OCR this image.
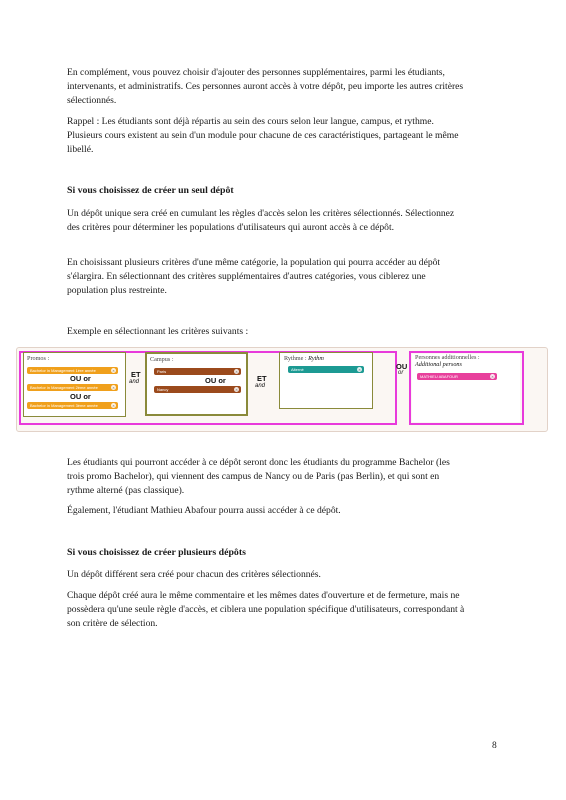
En complément, vous pouvez choisir d'ajouter des personnes supplémentaires, parmi les étudiants, intervenants, et administratifs. Ces personnes auront accès à votre dépôt, peu importe les autres critères sélectionnés.
Rappel : Les étudiants sont déjà répartis au sein des cours selon leur langue, campus, et rythme. Plusieurs cours existent au sein d'un module pour chacune de ces caractéristiques, partageant le même libellé.
Si vous choisissez de créer un seul dépôt
Un dépôt unique sera créé en cumulant les règles d'accès selon les critères sélectionnés. Sélectionnez des critères pour déterminer les populations d'utilisateurs qui auront accès à ce dépôt.
En choisissant plusieurs critères d'une même catégorie, la population qui pourra accéder au dépôt s'élargira. En sélectionnant des critères supplémentaires d'autres catégories, vous ciblerez une population plus restreinte.
Exemple en sélectionnant les critères suivants :
Promos :
Bachelor in Management 1ère année	×
OU or
Bachelor in Management 2ème année	×
OU or
Bachelor in Management 3ème année	×
ET
and
Campus :
Paris	×
OU or
Nancy	×
ET
and
Rythme : Rythm
Alterné	×	OU
or
Personnes additionnelles :
Additional persons
MATHIEU ABAFOUR	×
Les étudiants qui pourront accéder à ce dépôt seront donc les étudiants du programme Bachelor (les trois promo Bachelor), qui viennent des campus de Nancy ou de Paris (pas Berlin), et qui sont en rythme alterné (pas classique).
Également, l'étudiant Mathieu Abafour pourra aussi accéder à ce dépôt.
Si vous choisissez de créer plusieurs dépôts
Un dépôt différent sera créé pour chacun des critères sélectionnés.
Chaque dépôt créé aura le même commentaire et les mêmes dates d'ouverture et de fermeture, mais ne possèdera qu'une seule règle d'accès, et ciblera une population spécifique d'utilisateurs, correspondant à son critère de sélection.
8
